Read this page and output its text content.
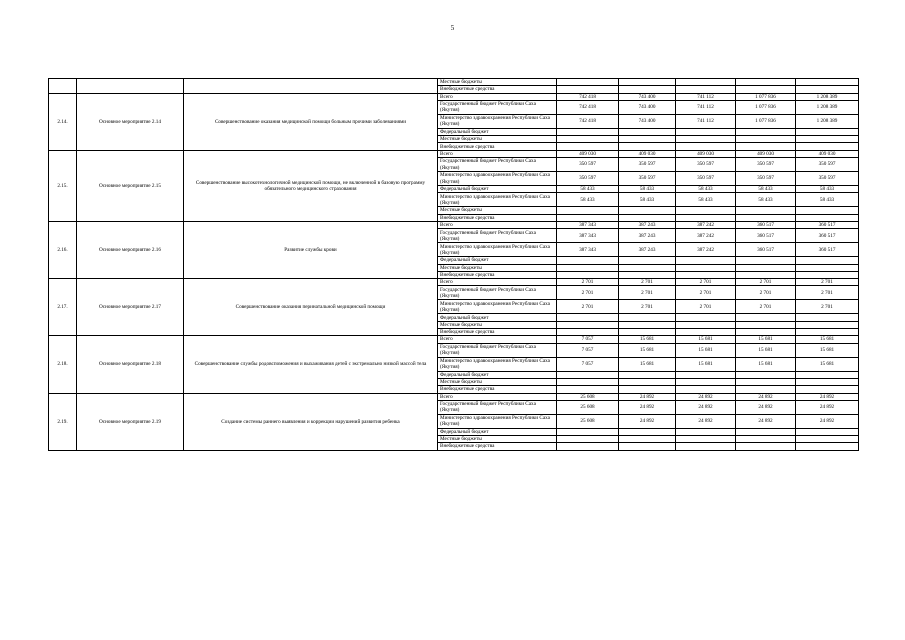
5
			Местные бюджеты					
			Внебюджетные средства					
2.14.	Основное мероприятие 2.14	Совершенствование оказания медицинской помощи больным прочими заболеваниями	Всего	742 418	743 400	741 112	1 077 836	1 208 389
			Государственный бюджет Республики Саха (Якутия)	742 418	743 400	741 112	1 077 836	1 208 389
			Министерство здравоохранения Республики Саха (Якутия)	742 418	743 400	741 112	1 077 836	1 208 389
			Федеральный бюджет					
			Местные бюджеты					
			Внебюджетные средства					
2.15.	Основное мероприятие 2.15	Совершенствование высокотехнологичной медицинской помощи, не включенной в базовую программу обязательного медицинского страхования	Всего	409 030	409 030	409 030	409 030	409 030
			Государственный бюджет Республики Саха (Якутия)	350 597	350 597	350 597	350 597	350 597
			Министерство здравоохранения Республики Саха (Якутия)	350 597	350 597	350 597	350 597	350 597
			Федеральный бюджет	58 433	58 433	58 433	58 433	58 433
			Министерство здравоохранения Республики Саха (Якутия)	58 433	58 433	58 433	58 433	58 433
			Местные бюджеты					
			Внебюджетные средства					
2.16.	Основное мероприятие 2.16	Развитие службы крови	Всего	387 343	387 243	387 242	360 517	360 517
			Государственный бюджет Республики Саха (Якутия)	387 343	387 243	387 242	360 517	360 517
			Министерство здравоохранения Республики Саха (Якутия)	387 343	387 243	387 242	360 517	360 517
			Федеральный бюджет					
			Местные бюджеты					
			Внебюджетные средства					
2.17.	Основное мероприятие 2.17	Совершенствование оказания перинатальной медицинской помощи	Всего	2 701	2 701	2 701	2 701	2 701
			Государственный бюджет Республики Саха (Якутия)	2 701	2 701	2 701	2 701	2 701
			Министерство здравоохранения Республики Саха (Якутия)	2 701	2 701	2 701	2 701	2 701
			Федеральный бюджет					
			Местные бюджеты					
			Внебюджетные средства					
2.18.	Основное мероприятие 2.18	Совершенствование службы родовспоможения и выхаживания детей с экстремально низкой массой тела	Всего	7 057	15 681	15 681	15 681	15 681
			Государственный бюджет Республики Саха (Якутия)	7 057	15 681	15 681	15 681	15 681
			Министерство здравоохранения Республики Саха (Якутия)	7 057	15 681	15 681	15 681	15 681
			Федеральный бюджет					
			Местные бюджеты					
			Внебюджетные средства					
2.19.	Основное мероприятие 2.19	Создание системы раннего выявления и коррекции нарушений развития ребенка	Всего	25 608	24 892	24 892	24 892	24 892
			Государственный бюджет Республики Саха (Якутия)	25 608	24 892	24 892	24 892	24 892
			Министерство здравоохранения Республики Саха (Якутия)	25 608	24 892	24 892	24 892	24 892
			Федеральный бюджет					
			Местные бюджеты					
			Внебюджетные средства					
